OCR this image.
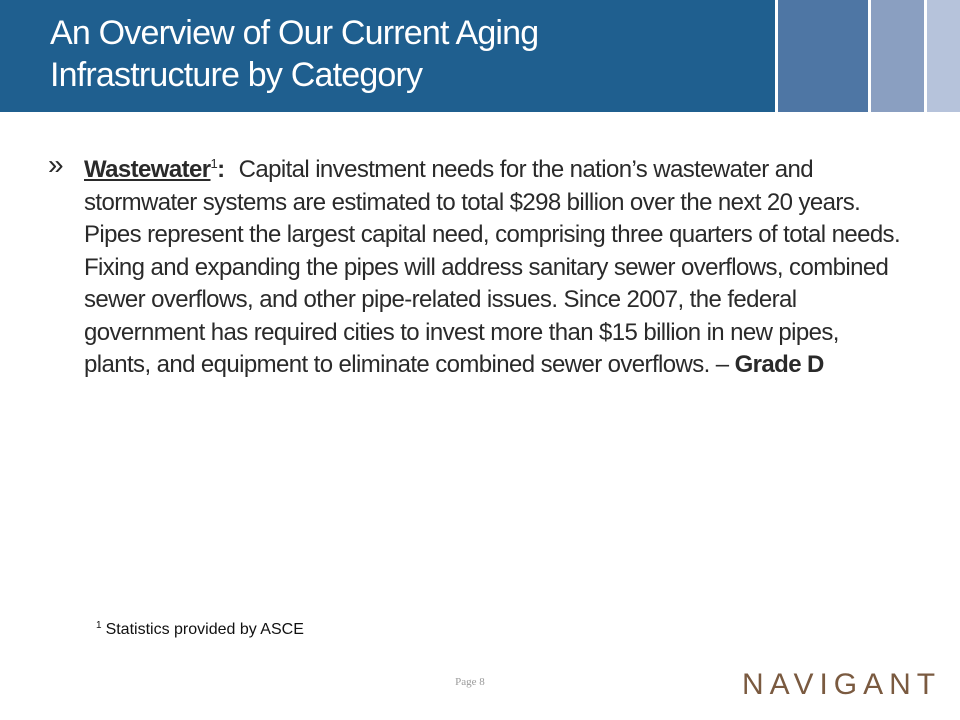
An Overview of Our Current Aging
Infrastructure by Category
» Wastewater$^1$: Capital investment needs for the nation’s wastewater and stormwater systems are estimated to total $298 billion over the next 20 years. Pipes represent the largest capital need, comprising three quarters of total needs. Fixing and expanding the pipes will address sanitary sewer overflows, combined sewer overflows, and other pipe-related issues. Since 2007, the federal government has required cities to invest more than $15 billion in new pipes, plants, and equipment to eliminate combined sewer overflows. – Grade D
$^1$ Statistics provided by ASCE
Page 8	NAVIGANT
